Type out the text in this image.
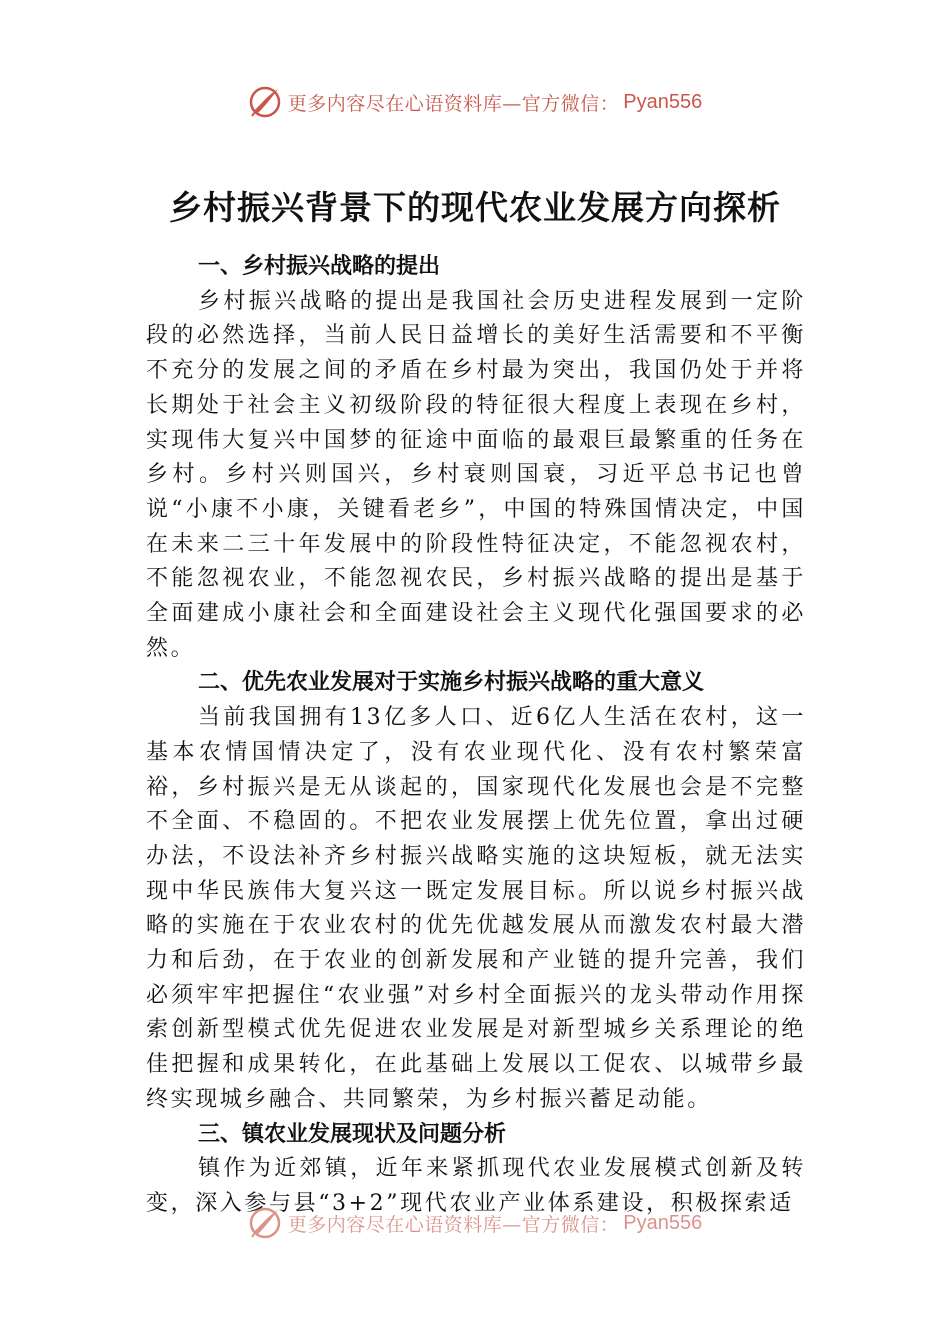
更多内容尽在心语资料库—官方微信： Pyan556
乡村振兴背景下的现代农业发展方向探析

一、乡村振兴战略的提出

乡村振兴战略的提出是我国社会历史进程发展到一定阶段的必然选择，当前人民日益增长的美好生活需要和不平衡不充分的发展之间的矛盾在乡村最为突出，我国仍处于并将长期处于社会主义初级阶段的特征很大程度上表现在乡村，实现伟大复兴中国梦的征途中面临的最艰巨最繁重的任务在乡村。乡村兴则国兴，乡村衰则国衰，习近平总书记也曾说“小康不小康，关键看老乡”，中国的特殊国情决定，中国在未来二三十年发展中的阶段性特征决定，不能忽视农村，不能忽视农业，不能忽视农民，乡村振兴战略的提出是基于全面建成小康社会和全面建设社会主义现代化强国要求的必然。

二、优先农业发展对于实施乡村振兴战略的重大意义

当前我国拥有13亿多人口、近6亿人生活在农村，这一基本农情国情决定了，没有农业现代化、没有农村繁荣富裕，乡村振兴是无从谈起的，国家现代化发展也会是不完整不全面、不稳固的。不把农业发展摆上优先位置，拿出过硬办法，不设法补齐乡村振兴战略实施的这块短板，就无法实现中华民族伟大复兴这一既定发展目标。所以说乡村振兴战略的实施在于农业农村的优先优越发展从而激发农村最大潜力和后劲，在于农业的创新发展和产业链的提升完善，我们必须牢牢把握住“农业强”对乡村全面振兴的龙头带动作用探索创新型模式优先促进农业发展是对新型城乡关系理论的绝佳把握和成果转化，在此基础上发展以工促农、以城带乡最终实现城乡融合、共同繁荣，为乡村振兴蓄足动能。

三、镇农业发展现状及问题分析

镇作为近郊镇，近年来紧抓现代农业发展模式创新及转变，深入参与县“3+2”现代农业产业体系建设，积极探索适

更多内容尽在心语资料库—官方微信： Pyan556
